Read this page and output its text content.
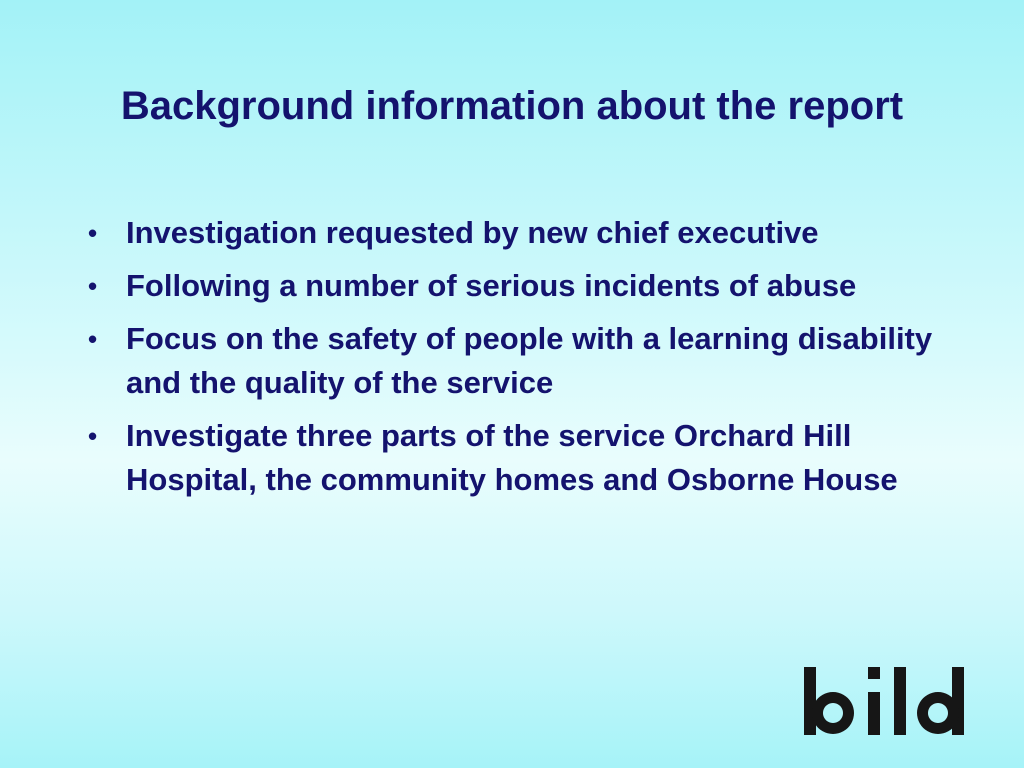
Background information about the report
• Investigation requested by new chief executive
• Following a number of serious incidents of abuse
• Focus on the safety of people with a learning disability and the quality of the service
• Investigate three parts of the service Orchard Hill Hospital, the community homes and Osborne House
